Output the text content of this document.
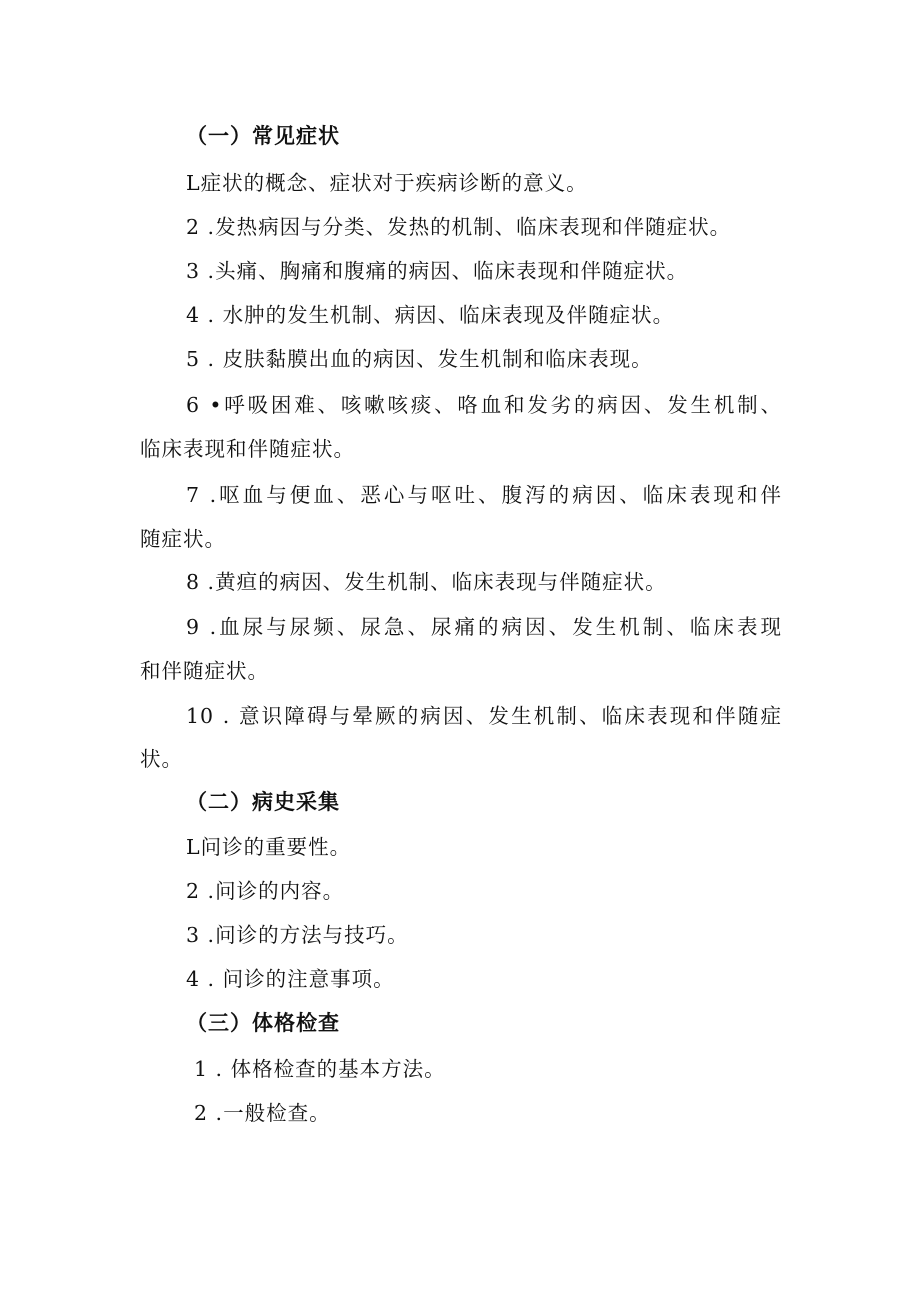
（一）常见症状
L症状的概念、症状对于疾病诊断的意义。
2 .发热病因与分类、发热的机制、临床表现和伴随症状。
3 .头痛、胸痛和腹痛的病因、临床表现和伴随症状。
4 . 水肿的发生机制、病因、临床表现及伴随症状。
5 . 皮肤黏膜出血的病因、发生机制和临床表现。
6 •呼吸困难、咳嗽咳痰、咯血和发劣的病因、发生机制、
临床表现和伴随症状。
7 .呕血与便血、恶心与呕吐、腹泻的病因、临床表现和伴
随症状。
8 .黄疸的病因、发生机制、临床表现与伴随症状。
9 .血尿与尿频、尿急、尿痛的病因、发生机制、临床表现
和伴随症状。
10 . 意识障碍与晕厥的病因、发生机制、临床表现和伴随症
状。
（二）病史采集
L问诊的重要性。
2 .问诊的内容。
3 .问诊的方法与技巧。
4 . 问诊的注意事项。
（三）体格检查
1 . 体格检查的基本方法。
2 .一般检查。
